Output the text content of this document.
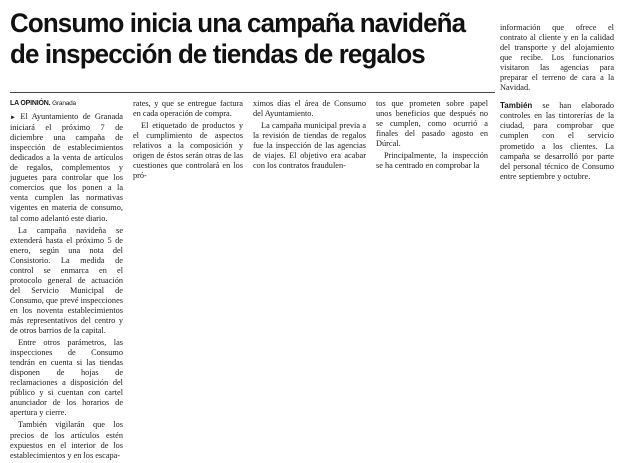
Consumo inicia una campaña navideña de inspección de tiendas de regalos
LA OPINIÓN. Granada

► El Ayuntamiento de Granada iniciará el próximo 7 de diciembre una campaña de inspección de establecimientos dedicados a la venta de artículos de regalos, complementos y juguetes para controlar que los comercios que los ponen a la venta cumplen las normativas vigentes en materia de consumo, tal como adelantó este diario.

La campaña navideña se extenderá hasta el próximo 5 de enero, según una nota del Consistorio. La medida de control se enmarca en el protocolo general de actuación del Servicio Municipal de Consumo, que prevé inspecciones en los noventa establecimientos más representativos del centro y de otros barrios de la capital.

Entre otros parámetros, las inspecciones de Consumo tendrán en cuenta si las tiendas disponen de hojas de reclamaciones a disposición del público y si cuentan con cartel anunciador de los horarios de apertura y cierre.

También vigilarán que los precios de los artículos estén expuestos en el interior de los establecimientos y en los escapa-

rates, y que se entregue factura en cada operación de compra.

El etiquetado de productos y el cumplimiento de aspectos relativos a la composición y origen de éstos serán otras de las cuestiones que controlará en los pró-

ximos días el área de Consumo del Ayuntamiento.

La campaña municipal previa a la revisión de tiendas de regalos fue la inspección de las agencias de viajes. El objetivo era acabar con los contratos fraudulen-

tos que prometen sobre papel unos beneficios que después no se cumplen, como ocurrió a finales del pasado agosto en Dúrcal.

Principalmente, la inspección se ha centrado en comprobar la

información que ofrece el contrato al cliente y en la calidad del transporte y del alojamiento que recibe. Los funcionarios visitaron las agencias para preparar el terreno de cara a la Navidad.

También se han elaborado controles en las tintorerías de la ciudad, para comprobar que cumplen con el servicio prometido a los clientes. La campaña se desarrolló por parte del personal técnico de Consumo entre septiembre y octubre.
